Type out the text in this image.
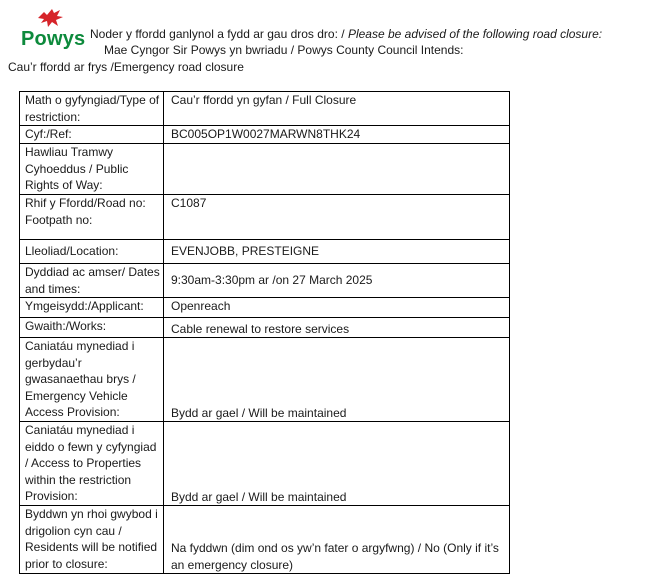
Powys Noder y ffordd ganlynol a fydd ar gau dros dro: / Please be advised of the following road closure:
Mae Cyngor Sir Powys yn bwriadu / Powys County Council Intends:
Cau’r ffordd ar frys /Emergency road closure
Math o gyfyngiad/Type of restriction:	Cau’r ffordd yn gyfan / Full Closure
Cyf:/Ref:	BC005OP1W0027MARWN8THK24
Hawliau Tramwy Cyhoeddus / Public Rights of Way:	
Rhif y Ffordd/Road no: Footpath no:	C1087
Lleoliad/Location:	EVENJOBB, PRESTEIGNE
Dyddiad ac amser/ Dates and times:	9:30am-3:30pm ar /on 27 March 2025
Ymgeisydd:/Applicant:	Openreach
Gwaith:/Works:	Cable renewal to restore services
Caniatáu mynediad i gerbydau’r gwasanaethau brys / Emergency Vehicle Access Provision:	Bydd ar gael / Will be maintained
Caniatáu mynediad i eiddo o fewn y cyfyngiad / Access to Properties within the restriction Provision:	Bydd ar gael / Will be maintained
Byddwn yn rhoi gwybod i drigolion cyn cau / Residents will be notified prior to closure:	Na fyddwn (dim ond os yw’n fater o argyfwng) / No (Only if it’s an emergency closure)
